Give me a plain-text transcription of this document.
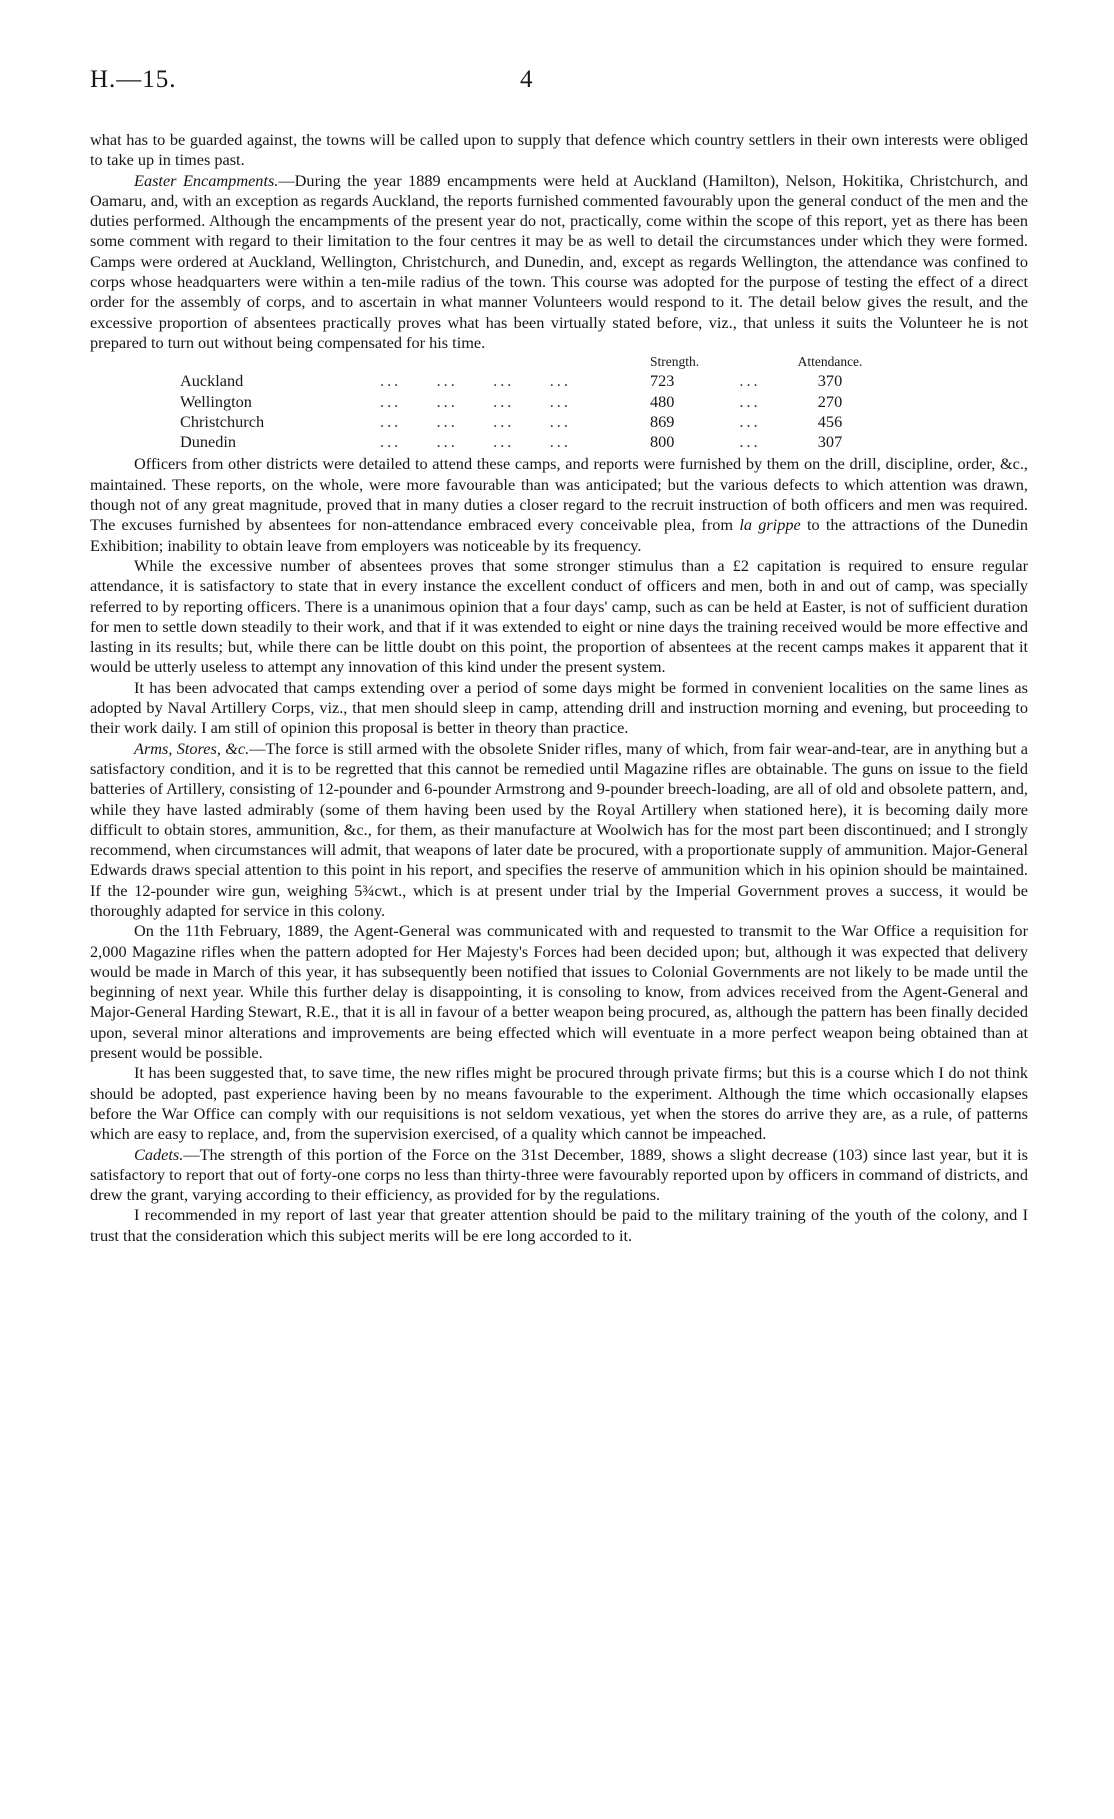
H.—15.	4

what has to be guarded against, the towns will be called upon to supply that defence which country settlers in their own interests were obliged to take up in times past.

Easter Encampments.—During the year 1889 encampments were held at Auckland (Hamilton), Nelson, Hokitika, Christchurch, and Oamaru, and, with an exception as regards Auckland, the reports furnished commented favourably upon the general conduct of the men and the duties performed. Although the encampments of the present year do not, practically, come within the scope of this report, yet as there has been some comment with regard to their limitation to the four centres it may be as well to detail the circumstances under which they were formed. Camps were ordered at Auckland, Wellington, Christchurch, and Dunedin, and, except as regards Wellington, the attendance was confined to corps whose headquarters were within a ten-mile radius of the town. This course was adopted for the purpose of testing the effect of a direct order for the assembly of corps, and to ascertain in what manner Volunteers would respond to it. The detail below gives the result, and the excessive proportion of absentees practically proves what has been virtually stated before, viz., that unless it suits the Volunteer he is not prepared to turn out without being compensated for his time.

		Strength.		Attendance.
Auckland	...     ...     ...     ...	723	...	370
Wellington	...     ...     ...     ...	480	...	270
Christchurch	...     ...     ...     ...	869	...	456
Dunedin	...     ...     ...     ...	800	...	307

Officers from other districts were detailed to attend these camps, and reports were furnished by them on the drill, discipline, order, &c., maintained. These reports, on the whole, were more favourable than was anticipated; but the various defects to which attention was drawn, though not of any great magnitude, proved that in many duties a closer regard to the recruit instruction of both officers and men was required. The excuses furnished by absentees for non-attendance embraced every conceivable plea, from la grippe to the attractions of the Dunedin Exhibition; inability to obtain leave from employers was noticeable by its frequency.

While the excessive number of absentees proves that some stronger stimulus than a £2 capitation is required to ensure regular attendance, it is satisfactory to state that in every instance the excellent conduct of officers and men, both in and out of camp, was specially referred to by reporting officers. There is a unanimous opinion that a four days' camp, such as can be held at Easter, is not of sufficient duration for men to settle down steadily to their work, and that if it was extended to eight or nine days the training received would be more effective and lasting in its results; but, while there can be little doubt on this point, the proportion of absentees at the recent camps makes it apparent that it would be utterly useless to attempt any innovation of this kind under the present system.

It has been advocated that camps extending over a period of some days might be formed in convenient localities on the same lines as adopted by Naval Artillery Corps, viz., that men should sleep in camp, attending drill and instruction morning and evening, but proceeding to their work daily. I am still of opinion this proposal is better in theory than practice.

Arms, Stores, &c.—The force is still armed with the obsolete Snider rifles, many of which, from fair wear-and-tear, are in anything but a satisfactory condition, and it is to be regretted that this cannot be remedied until Magazine rifles are obtainable. The guns on issue to the field batteries of Artillery, consisting of 12-pounder and 6-pounder Armstrong and 9-pounder breech-loading, are all of old and obsolete pattern, and, while they have lasted admirably (some of them having been used by the Royal Artillery when stationed here), it is becoming daily more difficult to obtain stores, ammunition, &c., for them, as their manufacture at Woolwich has for the most part been discontinued; and I strongly recommend, when circumstances will admit, that weapons of later date be procured, with a proportionate supply of ammunition. Major-General Edwards draws special attention to this point in his report, and specifies the reserve of ammunition which in his opinion should be maintained. If the 12-pounder wire gun, weighing 5¾cwt., which is at present under trial by the Imperial Government proves a success, it would be thoroughly adapted for service in this colony.

On the 11th February, 1889, the Agent-General was communicated with and requested to transmit to the War Office a requisition for 2,000 Magazine rifles when the pattern adopted for Her Majesty's Forces had been decided upon; but, although it was expected that delivery would be made in March of this year, it has subsequently been notified that issues to Colonial Governments are not likely to be made until the beginning of next year. While this further delay is disappointing, it is consoling to know, from advices received from the Agent-General and Major-General Harding Stewart, R.E., that it is all in favour of a better weapon being procured, as, although the pattern has been finally decided upon, several minor alterations and improvements are being effected which will eventuate in a more perfect weapon being obtained than at present would be possible.

It has been suggested that, to save time, the new rifles might be procured through private firms; but this is a course which I do not think should be adopted, past experience having been by no means favourable to the experiment. Although the time which occasionally elapses before the War Office can comply with our requisitions is not seldom vexatious, yet when the stores do arrive they are, as a rule, of patterns which are easy to replace, and, from the supervision exercised, of a quality which cannot be impeached.

Cadets.—The strength of this portion of the Force on the 31st December, 1889, shows a slight decrease (103) since last year, but it is satisfactory to report that out of forty-one corps no less than thirty-three were favourably reported upon by officers in command of districts, and drew the grant, varying according to their efficiency, as provided for by the regulations.

I recommended in my report of last year that greater attention should be paid to the military training of the youth of the colony, and I trust that the consideration which this subject merits will be ere long accorded to it.
